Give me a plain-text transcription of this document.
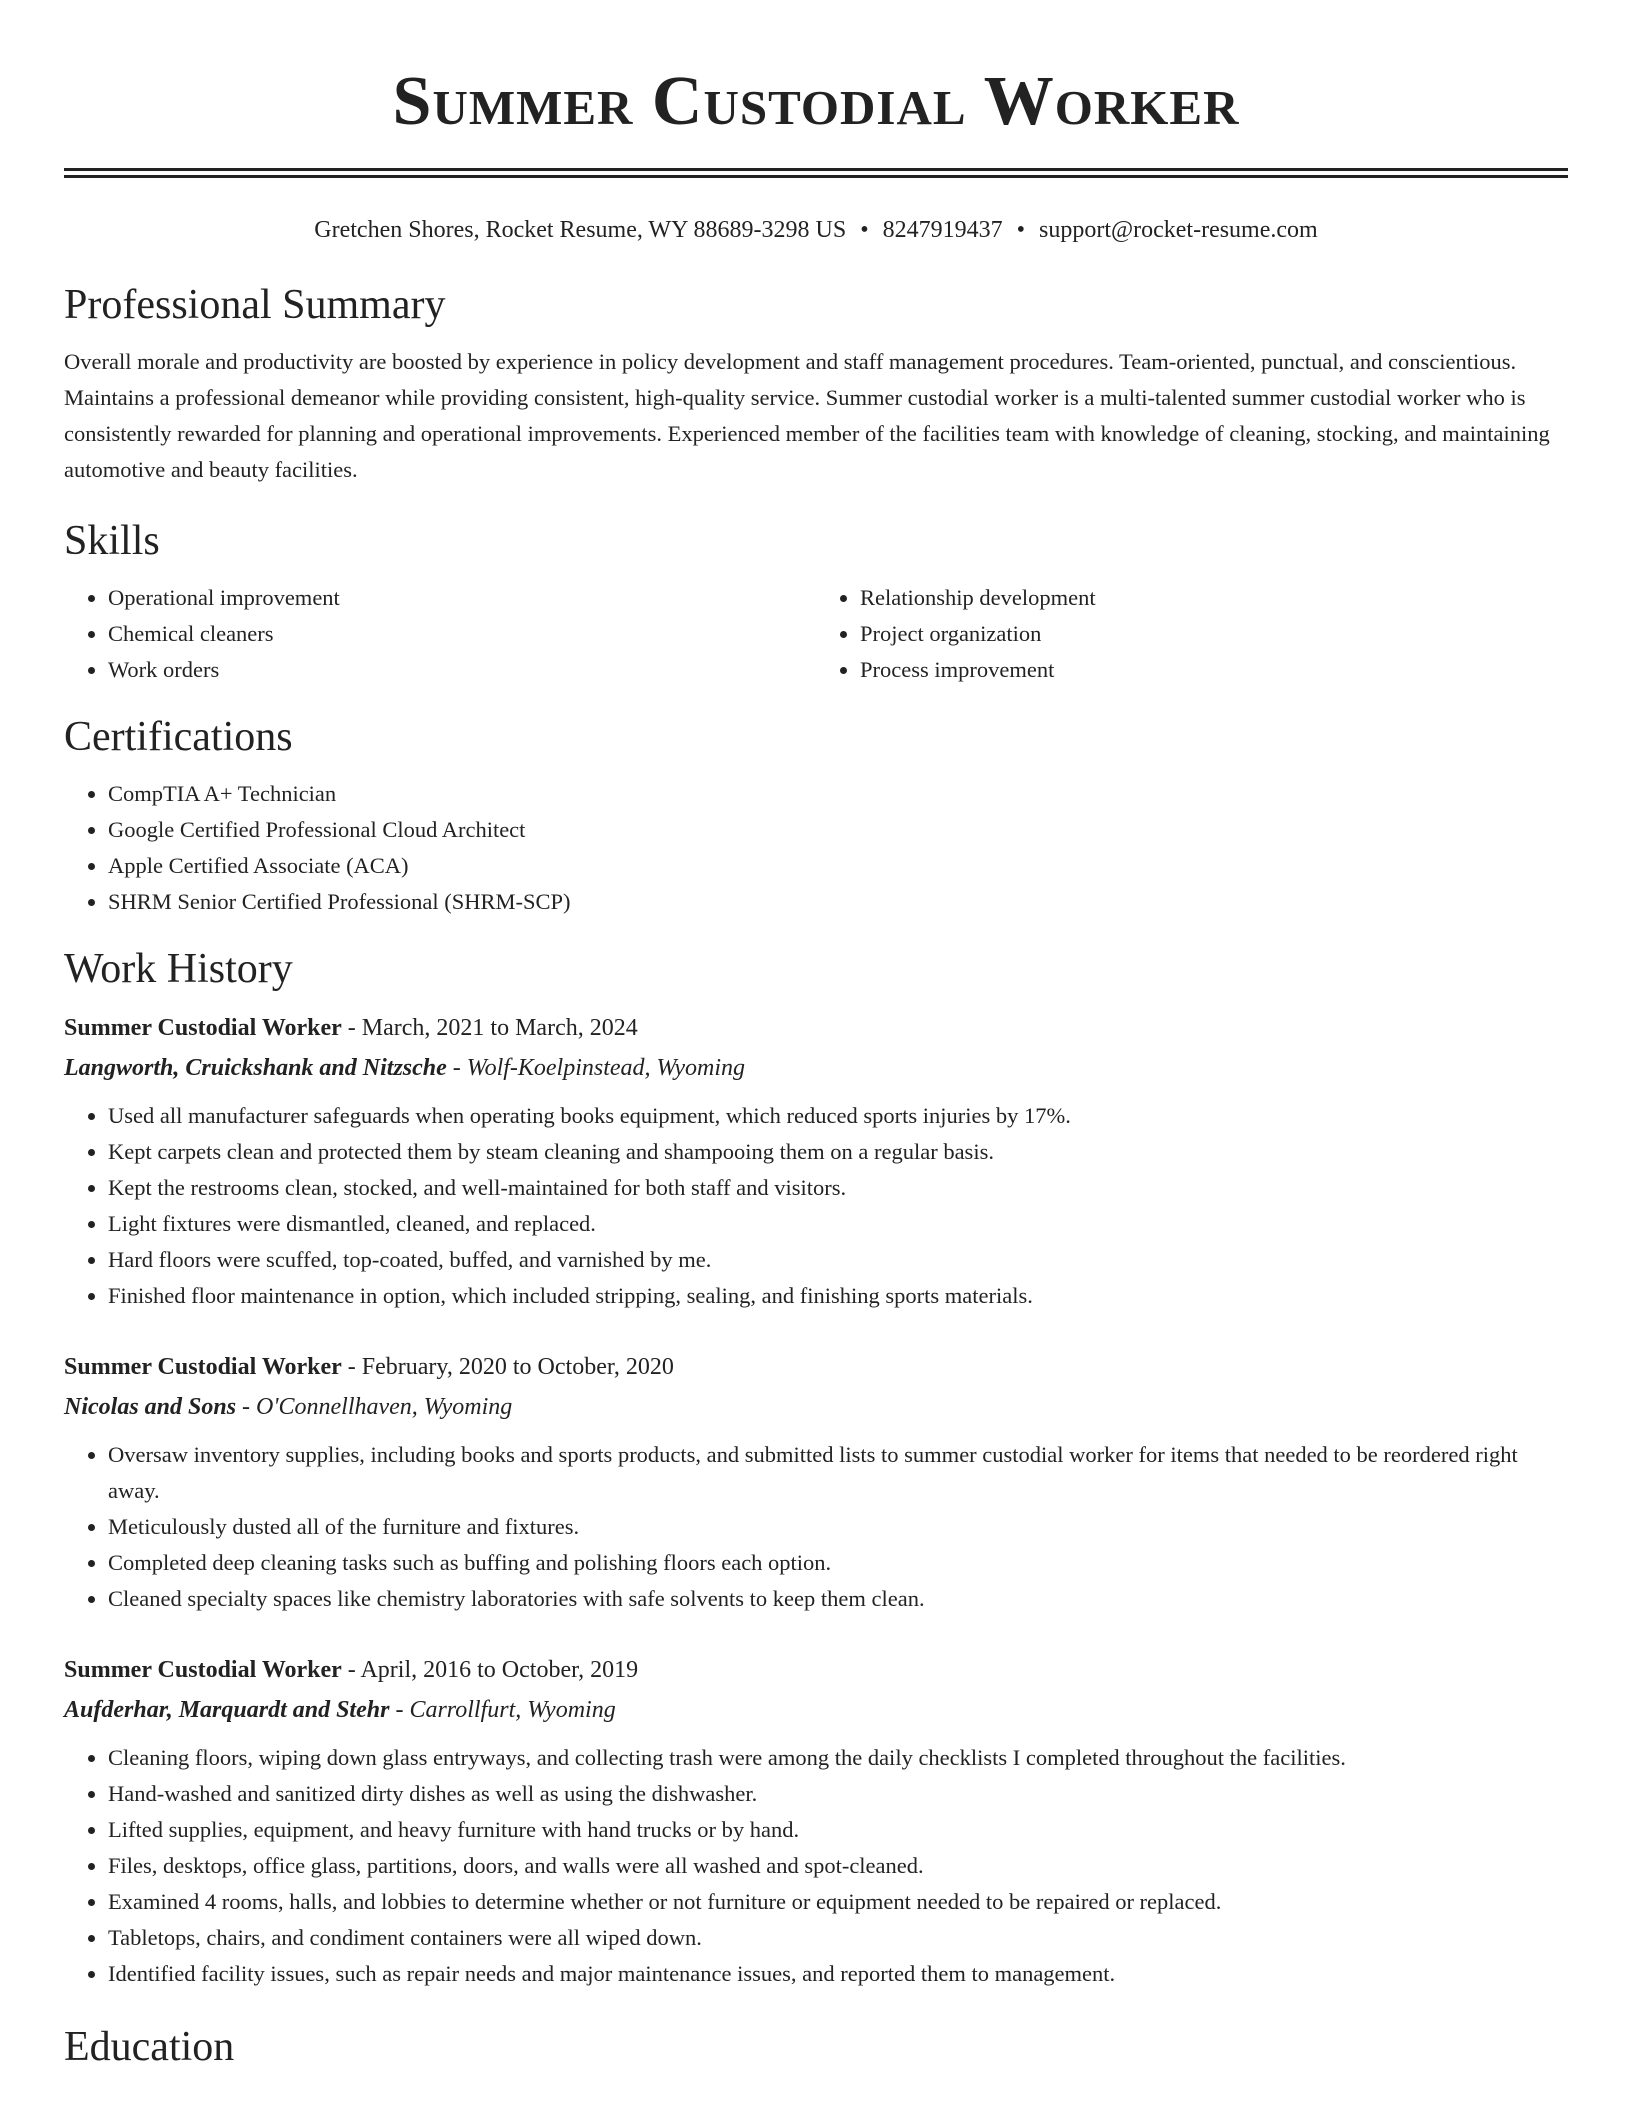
Summer Custodial Worker
Gretchen Shores, Rocket Resume, WY 88689-3298 US • 8247919437 • support@rocket-resume.com
Professional Summary

Overall morale and productivity are boosted by experience in policy development and staff management procedures. Team-oriented, punctual, and conscientious. Maintains a professional demeanor while providing consistent, high-quality service. Summer custodial worker is a multi-talented summer custodial worker who is consistently rewarded for planning and operational improvements. Experienced member of the facilities team with knowledge of cleaning, stocking, and maintaining automotive and beauty facilities.

Skills
• Operational improvement
• Chemical cleaners
• Work orders
• Relationship development
• Project organization
• Process improvement
Certifications
• CompTIA A+ Technician
• Google Certified Professional Cloud Architect
• Apple Certified Associate (ACA)
• SHRM Senior Certified Professional (SHRM-SCP)
Work History
Summer Custodial Worker - March, 2021 to March, 2024
Langworth, Cruickshank and Nitzsche - Wolf-Koelpinstead, Wyoming
• Used all manufacturer safeguards when operating books equipment, which reduced sports injuries by 17%.
• Kept carpets clean and protected them by steam cleaning and shampooing them on a regular basis.
• Kept the restrooms clean, stocked, and well-maintained for both staff and visitors.
• Light fixtures were dismantled, cleaned, and replaced.
• Hard floors were scuffed, top-coated, buffed, and varnished by me.
• Finished floor maintenance in option, which included stripping, sealing, and finishing sports materials.
Summer Custodial Worker - February, 2020 to October, 2020
Nicolas and Sons - O'Connellhaven, Wyoming
• Oversaw inventory supplies, including books and sports products, and submitted lists to summer custodial worker for items that needed to be reordered right away.
• Meticulously dusted all of the furniture and fixtures.
• Completed deep cleaning tasks such as buffing and polishing floors each option.
• Cleaned specialty spaces like chemistry laboratories with safe solvents to keep them clean.
Summer Custodial Worker - April, 2016 to October, 2019
Aufderhar, Marquardt and Stehr - Carrollfurt, Wyoming
• Cleaning floors, wiping down glass entryways, and collecting trash were among the daily checklists I completed throughout the facilities.
• Hand-washed and sanitized dirty dishes as well as using the dishwasher.
• Lifted supplies, equipment, and heavy furniture with hand trucks or by hand.
• Files, desktops, office glass, partitions, doors, and walls were all washed and spot-cleaned.
• Examined 4 rooms, halls, and lobbies to determine whether or not furniture or equipment needed to be repaired or replaced.
• Tabletops, chairs, and condiment containers were all wiped down.
• Identified facility issues, such as repair needs and major maintenance issues, and reported them to management.
Education
